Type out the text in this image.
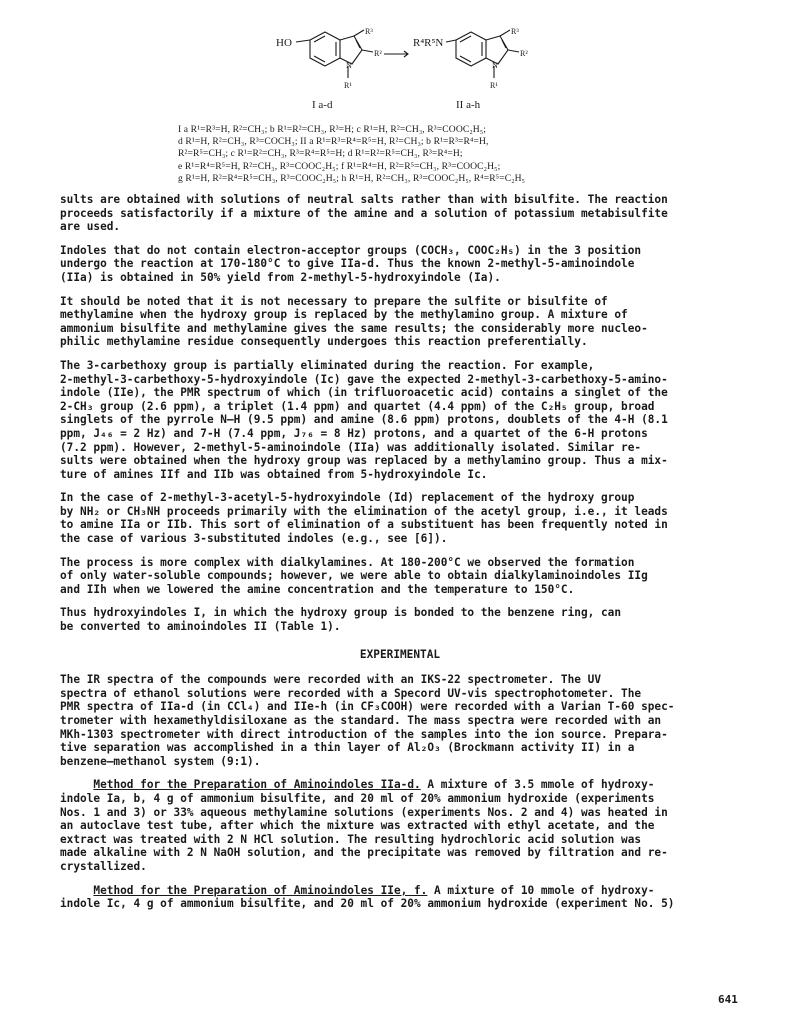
HO
R³
R²
N
R¹
R⁴R⁵N
R³
R²
N
R¹
I a-d	II a-h
I a R¹=R³=H, R²=CH₃; b R¹=R²=CH₃, R³=H; c R¹=H, R²=CH₃, R³=COOC₂H₅;
d R¹=H, R²=CH₃, R³=COCH₃; II a R¹=R³=R⁴=R⁵=H, R²=CH₃; b R¹=R³=R⁴=H,
R²=R⁵=CH₃; c R¹=R²=CH₃, R³=R⁴=R⁵=H; d R¹=R²=R⁵=CH₃, R³=R⁴=H;
e R¹=R⁴=R⁵=H, R²=CH₃, R³=COOC₂H₅; f R¹=R⁴=H, R²=R⁵=CH₃, R³=COOC₂H₅;
g R¹=H, R²=R⁴=R⁵=CH₃, R³=COOC₂H₅; h R¹=H, R²=CH₃, R³=COOC₂H₅, R⁴=R⁵=C₂H₅

sults are obtained with solutions of neutral salts rather than with bisulfite. The reaction
proceeds satisfactorily if a mixture of the amine and a solution of potassium metabisulfite
are used.

Indoles that do not contain electron-acceptor groups (COCH₃, COOC₂H₅) in the 3 position
undergo the reaction at 170-180°C to give IIa-d. Thus the known 2-methyl-5-aminoindole
(IIa) is obtained in 50% yield from 2-methyl-5-hydroxyindole (Ia).

It should be noted that it is not necessary to prepare the sulfite or bisulfite of
methylamine when the hydroxy group is replaced by the methylamino group. A mixture of
ammonium bisulfite and methylamine gives the same results; the considerably more nucleo-
philic methylamine residue consequently undergoes this reaction preferentially.

The 3-carbethoxy group is partially eliminated during the reaction. For example,
2-methyl-3-carbethoxy-5-hydroxyindole (Ic) gave the expected 2-methyl-3-carbethoxy-5-amino-
indole (IIe), the PMR spectrum of which (in trifluoroacetic acid) contains a singlet of the
2-CH₃ group (2.6 ppm), a triplet (1.4 ppm) and quartet (4.4 ppm) of the C₂H₅ group, broad
singlets of the pyrrole N—H (9.5 ppm) and amine (8.6 ppm) protons, doublets of the 4-H (8.1
ppm, J₄₆ = 2 Hz) and 7-H (7.4 ppm, J₇₆ = 8 Hz) protons, and a quartet of the 6-H protons
(7.2 ppm). However, 2-methyl-5-aminoindole (IIa) was additionally isolated. Similar re-
sults were obtained when the hydroxy group was replaced by a methylamino group. Thus a mix-
ture of amines IIf and IIb was obtained from 5-hydroxyindole Ic.

In the case of 2-methyl-3-acetyl-5-hydroxyindole (Id) replacement of the hydroxy group
by NH₂ or CH₃NH proceeds primarily with the elimination of the acetyl group, i.e., it leads
to amine IIa or IIb. This sort of elimination of a substituent has been frequently noted in
the case of various 3-substituted indoles (e.g., see [6]).

The process is more complex with dialkylamines. At 180-200°C we observed the formation
of only water-soluble compounds; however, we were able to obtain dialkylaminoindoles IIg
and IIh when we lowered the amine concentration and the temperature to 150°C.

Thus hydroxyindoles I, in which the hydroxy group is bonded to the benzene ring, can
be converted to aminoindoles II (Table 1).

EXPERIMENTAL

The IR spectra of the compounds were recorded with an IKS-22 spectrometer. The UV
spectra of ethanol solutions were recorded with a Specord UV-vis spectrophotometer. The
PMR spectra of IIa-d (in CCl₄) and IIe-h (in CF₃COOH) were recorded with a Varian T-60 spec-
trometer with hexamethyldisiloxane as the standard. The mass spectra were recorded with an
MKh-1303 spectrometer with direct introduction of the samples into the ion source. Prepara-
tive separation was accomplished in a thin layer of Al₂O₃ (Brockmann activity II) in a
benzene—methanol system (9:1).

Method for the Preparation of Aminoindoles IIa-d. A mixture of 3.5 mmole of hydroxy-
indole Ia, b, 4 g of ammonium bisulfite, and 20 ml of 20% ammonium hydroxide (experiments
Nos. 1 and 3) or 33% aqueous methylamine solutions (experiments Nos. 2 and 4) was heated in
an autoclave test tube, after which the mixture was extracted with ethyl acetate, and the
extract was treated with 2 N HCl solution. The resulting hydrochloric acid solution was
made alkaline with 2 N NaOH solution, and the precipitate was removed by filtration and re-
crystallized.

Method for the Preparation of Aminoindoles IIe, f. A mixture of 10 mmole of hydroxy-
indole Ic, 4 g of ammonium bisulfite, and 20 ml of 20% ammonium hydroxide (experiment No. 5)

641
